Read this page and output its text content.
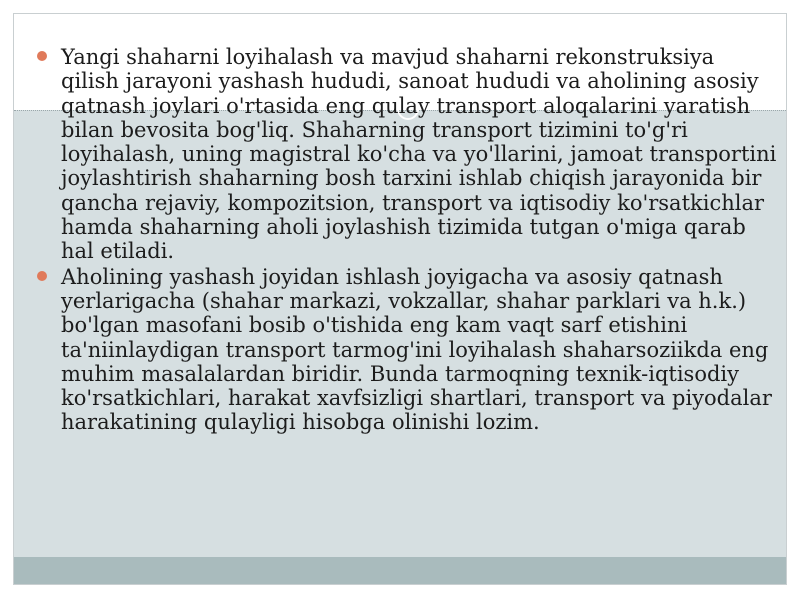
Yangi shaharni loyihalash va mavjud shaharni rekonstruksiya qilish jarayoni yashash hududi, sanoat hududi va aholining asosiy qatnash joylari o'rtasida eng qulay transport aloqalarini yaratish bilan bevosita bog'liq. Shaharning transport tizimini to'g'ri loyihalash, uning magistral ko'cha va yo'llarini, jamoat transportini joylashtirish shaharning bosh tarxini ishlab chiqish jarayonida bir qancha rejaviy, kompozitsion, transport va iqtisodiy ko'rsatkichlar hamda shaharning aholi joylashish tizimida tutgan o'miga qarab hal etiladi.
Aholining yashash joyidan ishlash joyigacha va asosiy qatnash yerlarigacha (shahar markazi, vokzallar, shahar parklari va h.k.) bo'lgan masofani bosib o'tishida eng kam vaqt sarf etishini ta'niinlaydigan transport tarmog'ini loyihalash shaharsoziikda eng muhim masalalardan biridir. Bunda tarmoqning texnik-iqtisodiy ko'rsatkichlari, harakat xavfsizligi shartlari, transport va piyodalar harakatining qulayligi hisobga olinishi lozim.
